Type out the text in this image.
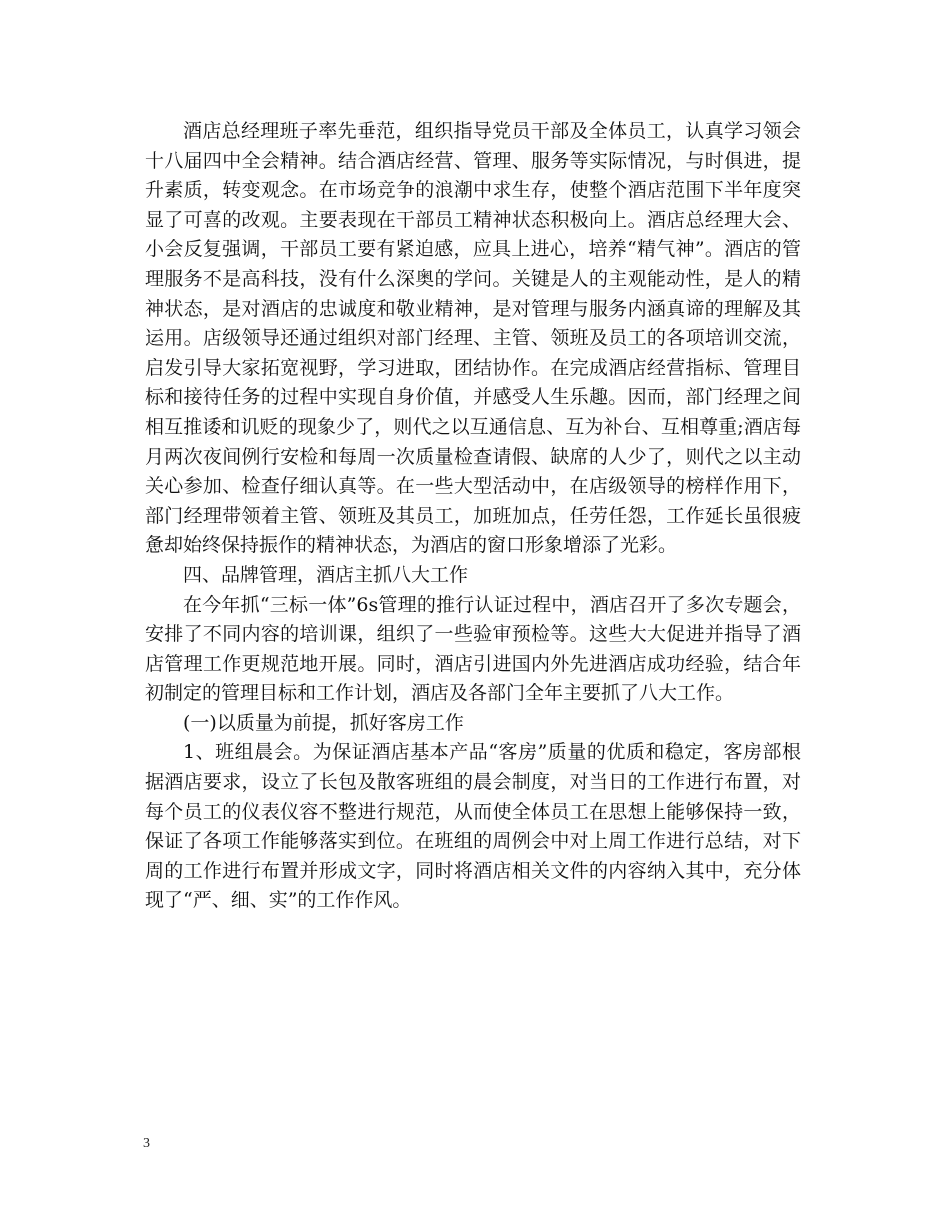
酒店总经理班子率先垂范，组织指导党员干部及全体员工，认真学习领会十八届四中全会精神。结合酒店经营、管理、服务等实际情况，与时俱进，提升素质，转变观念。在市场竞争的浪潮中求生存，使整个酒店范围下半年度突显了可喜的改观。主要表现在干部员工精神状态积极向上。酒店总经理大会、小会反复强调，干部员工要有紧迫感，应具上进心，培养“精气神”。酒店的管理服务不是高科技，没有什么深奥的学问。关键是人的主观能动性，是人的精神状态，是对酒店的忠诚度和敬业精神，是对管理与服务内涵真谛的理解及其运用。店级领导还通过组织对部门经理、主管、领班及员工的各项培训交流，启发引导大家拓宽视野，学习进取，团结协作。在完成酒店经营指标、管理目标和接待任务的过程中实现自身价值，并感受人生乐趣。因而，部门经理之间相互推诿和讥贬的现象少了，则代之以互通信息、互为补台、互相尊重;酒店每月两次夜间例行安检和每周一次质量检查请假、缺席的人少了，则代之以主动关心参加、检查仔细认真等。在一些大型活动中，在店级领导的榜样作用下，部门经理带领着主管、领班及其员工，加班加点，任劳任怨，工作延长虽很疲惫却始终保持振作的精神状态，为酒店的窗口形象增添了光彩。

四、品牌管理，酒店主抓八大工作

在今年抓“三标一体”6s管理的推行认证过程中，酒店召开了多次专题会，安排了不同内容的培训课，组织了一些验审预检等。这些大大促进并指导了酒店管理工作更规范地开展。同时，酒店引进国内外先进酒店成功经验，结合年初制定的管理目标和工作计划，酒店及各部门全年主要抓了八大工作。

(一)以质量为前提，抓好客房工作

1、班组晨会。为保证酒店基本产品“客房”质量的优质和稳定，客房部根据酒店要求，设立了长包及散客班组的晨会制度，对当日的工作进行布置，对每个员工的仪表仪容不整进行规范，从而使全体员工在思想上能够保持一致，保证了各项工作能够落实到位。在班组的周例会中对上周工作进行总结，对下周的工作进行布置并形成文字，同时将酒店相关文件的内容纳入其中，充分体现了“严、细、实”的工作作风。

3
